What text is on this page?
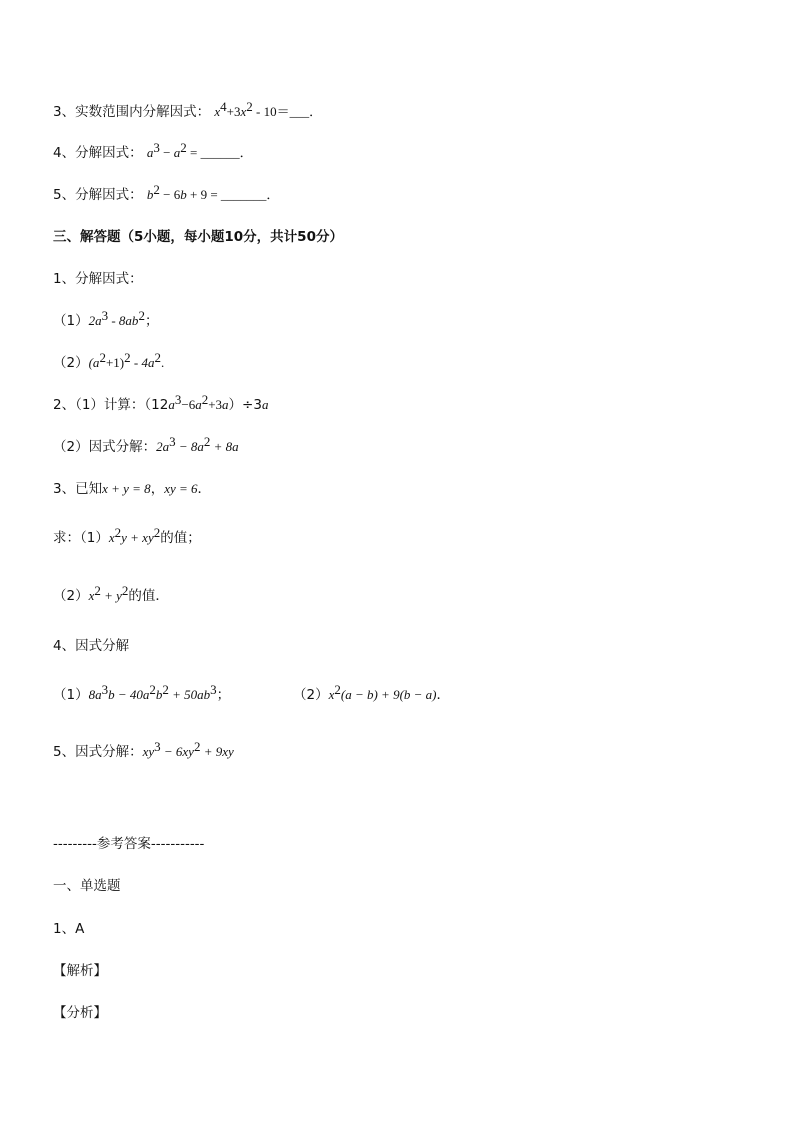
3、实数范围内分解因式： $x^4+3x^2$ - 10＝___．
4、分解因式： $a^3 - a^2$ = ______．
5、分解因式： $b^2 - 6b + 9$ = _______．
三、解答题（5小题，每小题10分，共计50分）
1、分解因式：
$(1)2a^3 - 8ab^2$；
$(2)(a^2+1)^2 - 4a^2$.
2、（1）计算：$(12a^3-6a^2+3a)\div 3a$
（2）因式分解：$2a^3 - 8a^2 + 8a$
3、已知x + y = 8，xy = 6．
求：$(1)x^2y + xy^2$的值；
$(2)x^2 + y^2$的值．
4、因式分解
$(1)8a^3b - 40a^2b^2 + 50ab^3$；	$(2)x^2(a - b) + 9(b - a)$．
5、因式分解：$xy^3 - 6xy^2 + 9xy$
---------参考答案-----------
一、单选题
1、A
【解析】
【分析】
